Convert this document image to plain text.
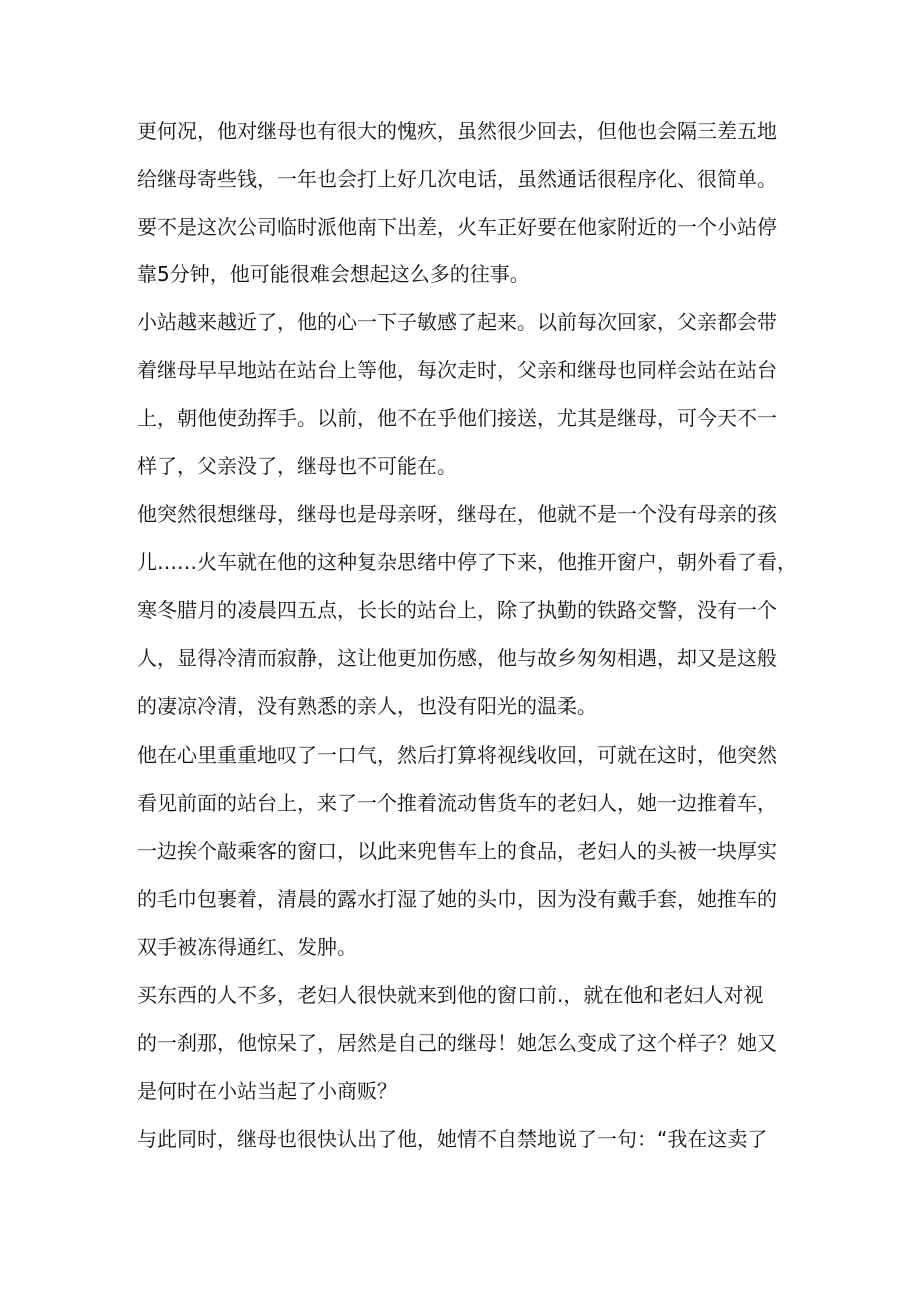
更何况，他对继母也有很大的愧疚，虽然很少回去，但他也会隔三差五地

给继母寄些钱，一年也会打上好几次电话，虽然通话很程序化、很简单。

要不是这次公司临时派他南下出差，火车正好要在他家附近的一个小站停

靠5分钟，他可能很难会想起这么多的往事。

小站越来越近了，他的心一下子敏感了起来。以前每次回家，父亲都会带

着继母早早地站在站台上等他，每次走时，父亲和继母也同样会站在站台

上，朝他使劲挥手。以前，他不在乎他们接送，尤其是继母，可今天不一

样了，父亲没了，继母也不可能在。

他突然很想继母，继母也是母亲呀，继母在，他就不是一个没有母亲的孩

儿……火车就在他的这种复杂思绪中停了下来，他推开窗户，朝外看了看，

寒冬腊月的凌晨四五点，长长的站台上，除了执勤的铁路交警，没有一个

人，显得冷清而寂静，这让他更加伤感，他与故乡匆匆相遇，却又是这般

的凄凉冷清，没有熟悉的亲人，也没有阳光的温柔。

他在心里重重地叹了一口气，然后打算将视线收回，可就在这时，他突然

看见前面的站台上，来了一个推着流动售货车的老妇人，她一边推着车，

一边挨个敲乘客的窗口，以此来兜售车上的食品，老妇人的头被一块厚实

的毛巾包裹着，清晨的露水打湿了她的头巾，因为没有戴手套，她推车的

双手被冻得通红、发肿。

买东西的人不多，老妇人很快就来到他的窗口前.，就在他和老妇人对视

的一刹那，他惊呆了，居然是自己的继母！她怎么变成了这个样子？她又

是何时在小站当起了小商贩？

与此同时，继母也很快认出了他，她情不自禁地说了一句：“我在这卖了
